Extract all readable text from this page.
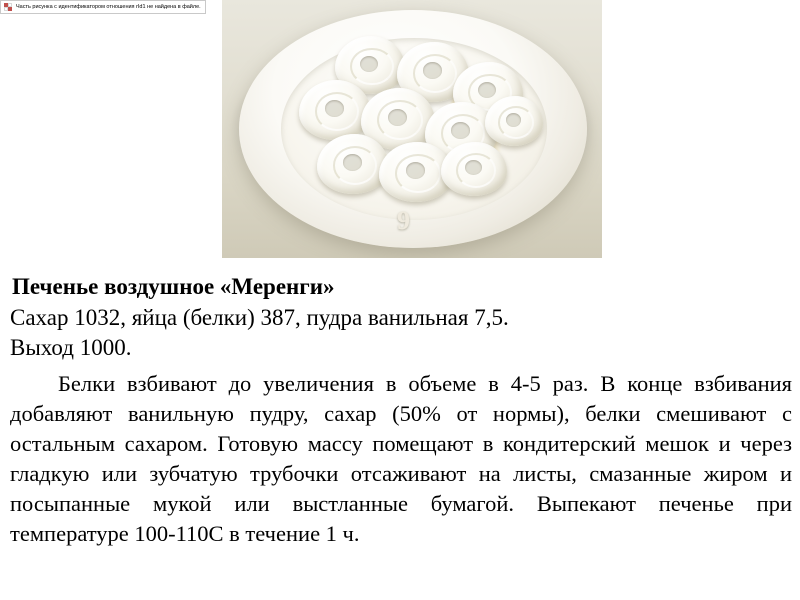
Часть рисунка с идентификатором отношения rId1 не найдена в файле.
9
Печенье воздушное «Меренги»

Сахар 1032, яйца (белки) 387, пудра ванильная 7,5.

Выход 1000.

Белки взбивают до увеличения в объеме в 4-5 раз. В конце взбивания добавляют ванильную пудру, сахар (50% от нормы), белки смешивают с остальным сахаром. Готовую массу помещают в кондитерский мешок и через гладкую или зубчатую трубочки отсаживают на листы, смазанные жиром и посыпанные мукой или выстланные бумагой. Выпекают печенье при температуре 100-110С в течение 1 ч.
